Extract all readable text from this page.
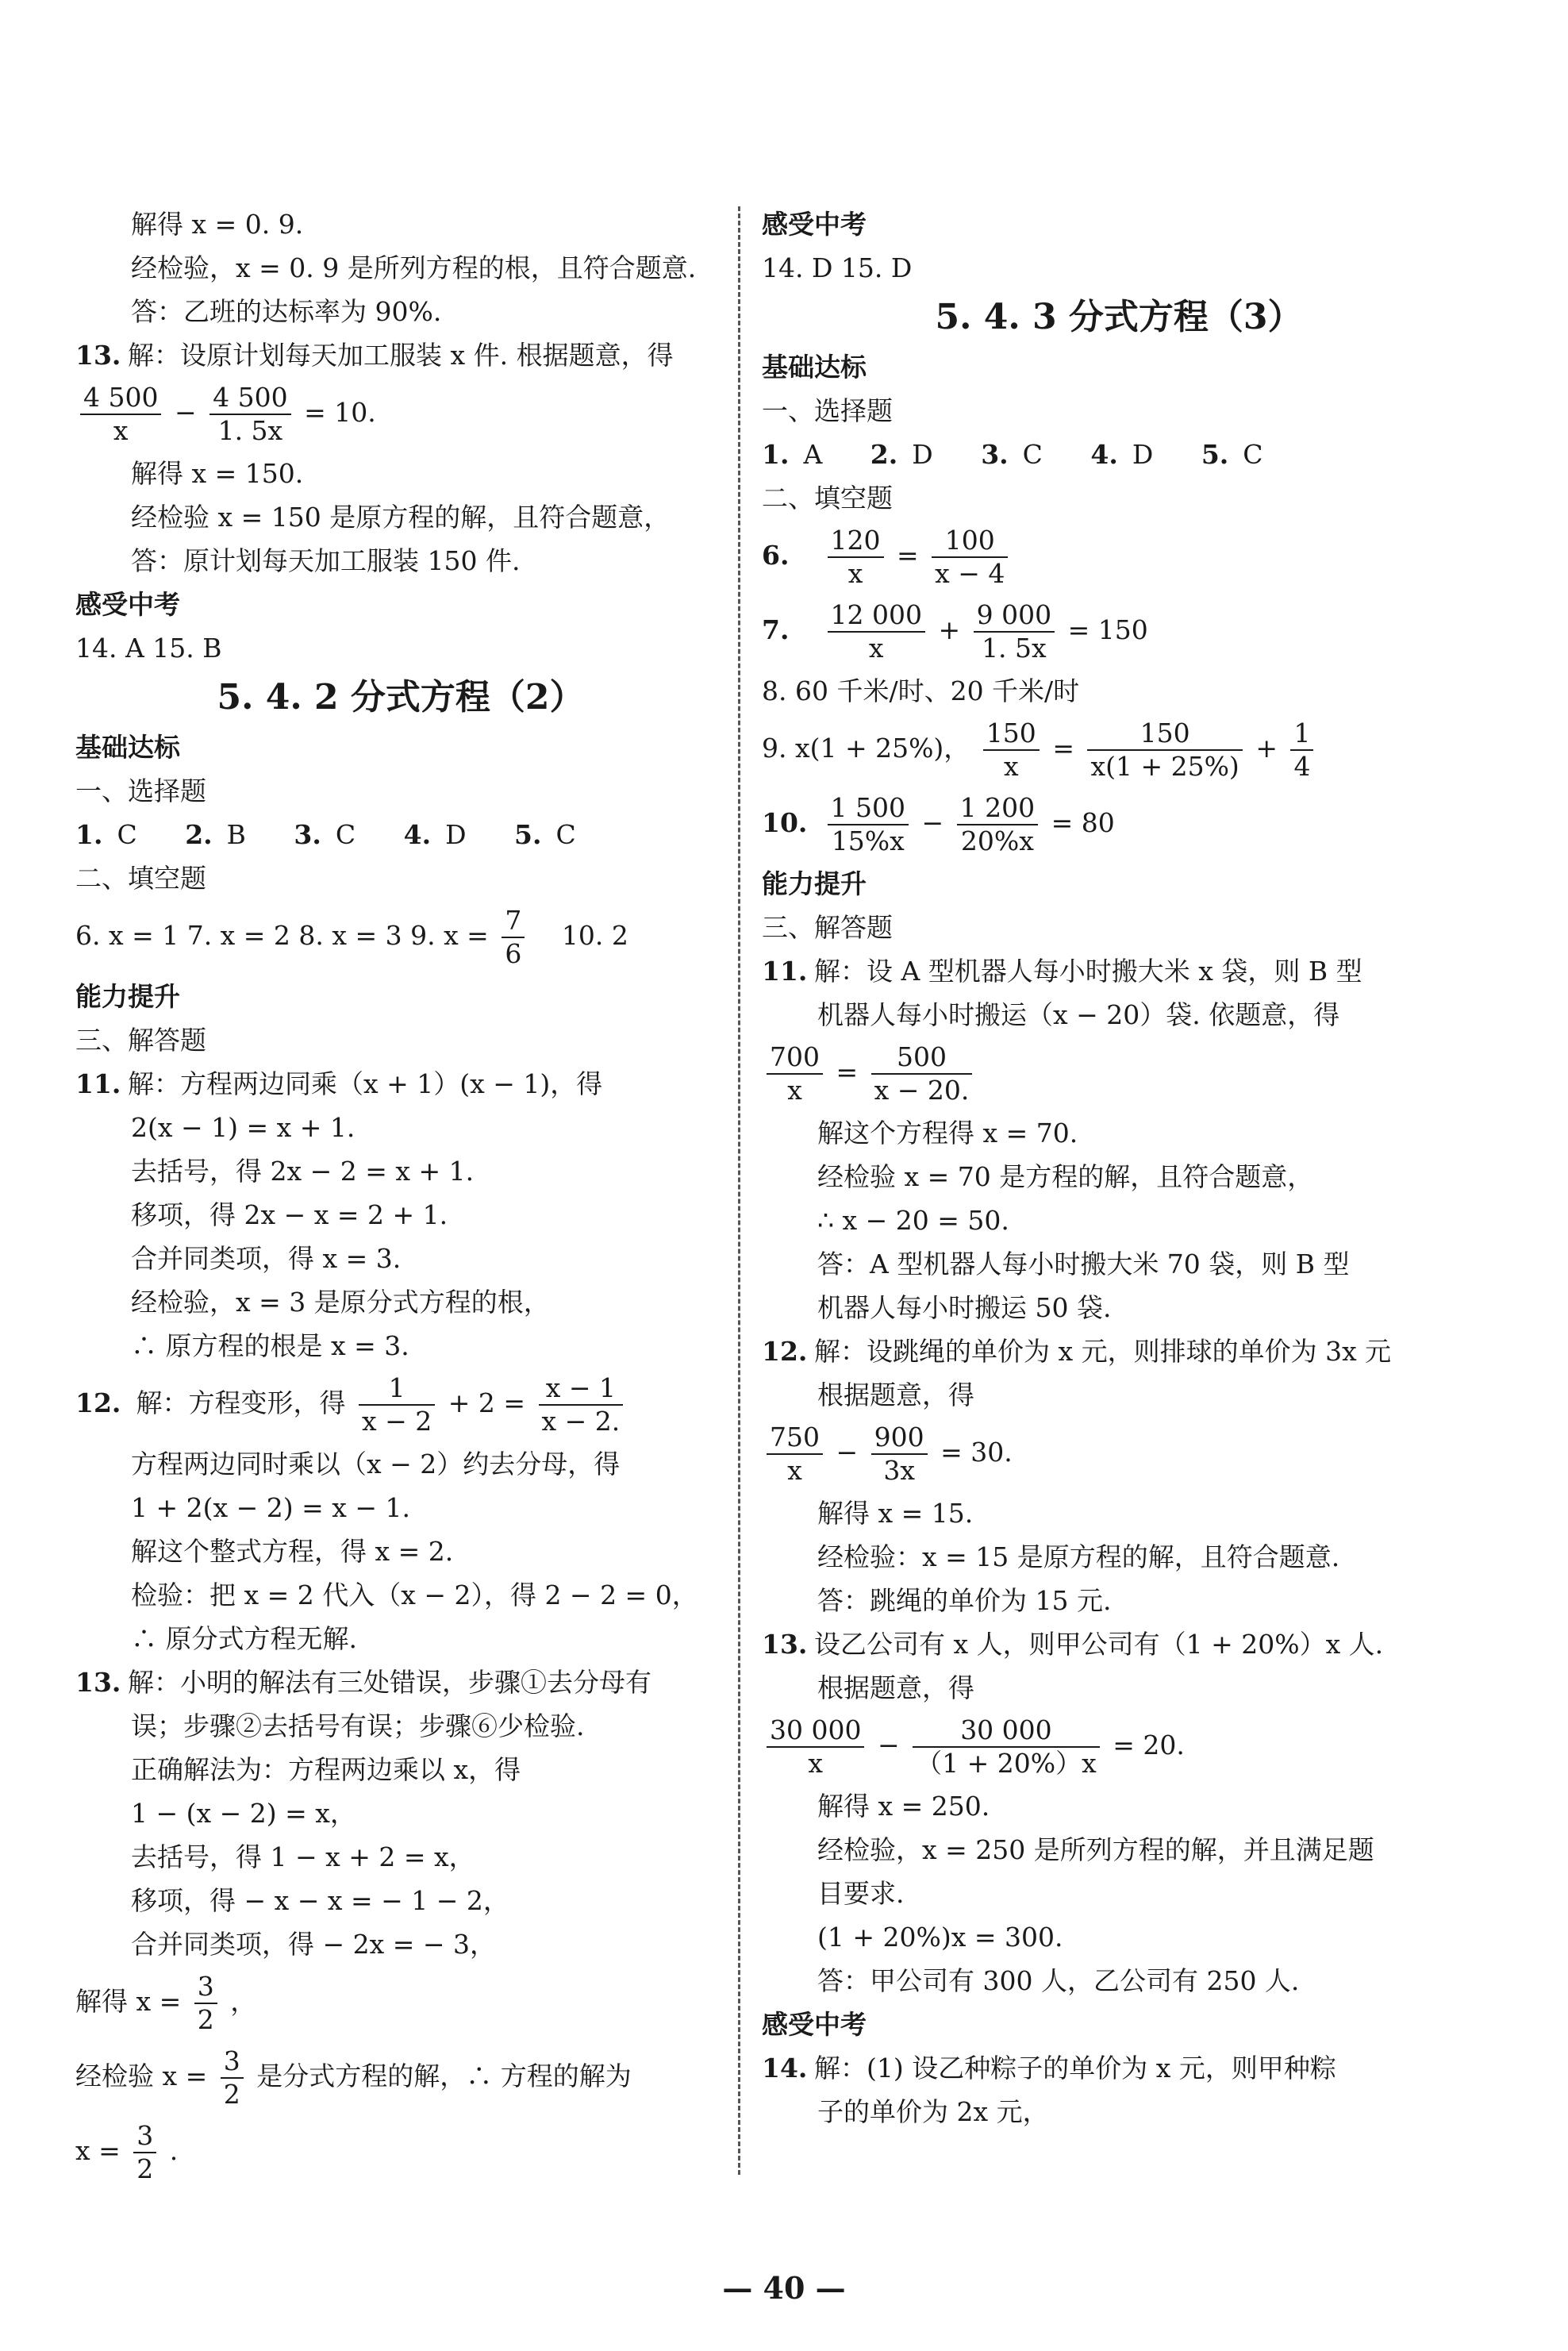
解得 x = 0. 9.
经检验，x = 0. 9 是所列方程的根，且符合题意.
答：乙班的达标率为 90%.
13. 解：设原计划每天加工服装 x 件. 根据题意，得
$\frac{4 500}{x} - \frac{4 500}{1. 5x} = 10$.
解得 x = 150.
经检验 x = 150 是原方程的解，且符合题意，
答：原计划每天加工服装 150 件.
感受中考
14. A 15. B
5. 4. 2 分式方程（2）
基础达标
一、选择题
1. C 2. B 3. C 4. D 5. C
二、填空题
6. x = 1 7. x = 2 8. x = 3 9. $x = \frac{7}{6} 10$. 2
能力提升
三、解答题
11. 解：方程两边同乘（x + 1）(x − 1)，得
2(x − 1) = x + 1.
去括号，得 2x − 2 = x + 1.
移项，得 2x − x = 2 + 1.
合并同类项，得 x = 3.
经检验，x = 3 是原分式方程的根，
∴ 原方程的根是 x = 3.
12. 解：方程变形，得 $\frac{1}{x - 2} + 2 = \frac{x - 1}{x - 2.}$
方程两边同时乘以（x − 2）约去分母，得
1 + 2(x − 2) = x − 1.
解这个整式方程，得 x = 2.
检验：把 x = 2 代入（x − 2），得 2 − 2 = 0，
∴ 原分式方程无解.
13. 解：小明的解法有三处错误，步骤①去分母有
误；步骤②去括号有误；步骤⑥少检验.
正确解法为：方程两边乘以 x，得
1 − (x − 2) = x，
去括号，得 1 − x + 2 = x，
移项，得 − x − x = − 1 − 2，
合并同类项，得 − 2x = − 3，
解得 $x = \frac{3}{2}$ ，
经检验 $x = \frac{3}{2}$ 是分式方程的解，∴ 方程的解为
$x = \frac{3}{2}$ .
感受中考
14. D 15. D
5. 4. 3 分式方程（3）
基础达标
一、选择题
1. A 2. D 3. C 4. D 5. C
二、填空题
6. $\frac{120}{x} = \frac{100}{x - 4}$
7. $\frac{12 000}{x} + \frac{9 000}{1. 5x} = 150$
8. 60 千米/时、20 千米/时
9. x(1 + 25%)， $\frac{150}{x} = \frac{150}{x(1 + 25\%)} + \frac{1}{4}$
10. $\frac{1 500}{15\%x} - \frac{1 200}{20\%x} = 80$
能力提升
三、解答题
11. 解：设 A 型机器人每小时搬大米 x 袋，则 B 型
机器人每小时搬运（x − 20）袋. 依题意，得
$\frac{700}{x} = \frac{500}{x - 20.}$
解这个方程得 x = 70.
经检验 x = 70 是方程的解，且符合题意，
∴ x − 20 = 50.
答：A 型机器人每小时搬大米 70 袋，则 B 型
机器人每小时搬运 50 袋.
12. 解：设跳绳的单价为 x 元，则排球的单价为 3x 元
根据题意，得
$\frac{750}{x} - \frac{900}{3x} = 30$.
解得 x = 15.
经检验：x = 15 是原方程的解，且符合题意.
答：跳绳的单价为 15 元.
13. 设乙公司有 x 人，则甲公司有（1 + 20%）x 人.
根据题意，得
$\frac{30 000}{x} - \frac{30 000}{(1 + 20\%)x} = 20$.
解得 x = 250.
经检验，x = 250 是所列方程的解，并且满足题
目要求.
(1 + 20%)x = 300.
答：甲公司有 300 人，乙公司有 250 人.
感受中考
14. 解：(1) 设乙种粽子的单价为 x 元，则甲种粽
子的单价为 2x 元，
— 40 —
